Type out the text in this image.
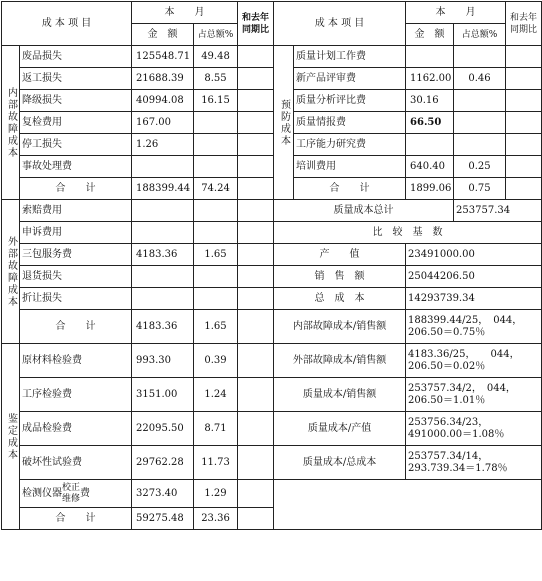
成 本 项 目		本　　月		和去年同期比	成 本 项 目		本　　月		和去年同期比
		金　额	占总额%				金　额	占总额%	
内部故障成本	废品损失	125548.71	49.48		预防成本	质量计划工作费			
	返工损失	21688.39	8.55			新产品评审费	1162.00	0.46	
	降级损失	40994.08	16.15			质量分析评比费	30.16		
	复检费用	167.00				质量情报费	66.50		
	停工损失	1.26				工序能力研究费			
	事故处理费					培训费用	640.40	0.25	
	合　　计	188399.44	74.24			合　　计	1899.06	0.75	
外部故障成本	索赔费用				质量成本总计			253757.34	
	申诉费用				比　较　基　数				
	三包服务费	4183.36	1.65		产　　值		23491000.00		
	退货损失				销　售　额		25044206.50		
	折让损失				总　成　本		14293739.34		
	合　　计	4183.36	1.65		内部故障成本/销售额		188399.44/25，　044，
206.50＝0.75％		

鉴定成本	原材料检验费	993.30	0.39		外部故障成本/销售额		4183.36/25，　　044，
206.50＝0.02％		

	工序检验费	3151.00	1.24		质量成本/销售额		253757.34/2，　044，
206.50＝1.01％		

	成品检验费	22095.50	8.71		质量成本/产值		253756.34/23，
491000.00＝1.08％		

	破坏性试验费	29762.28	11.73		质量成本/总成本		253757.34/14，
293.739.34＝1.78％		

	检测仪器 校正
维修 费	3273.40	1.29						
	合　　计	59275.48	23.36						
